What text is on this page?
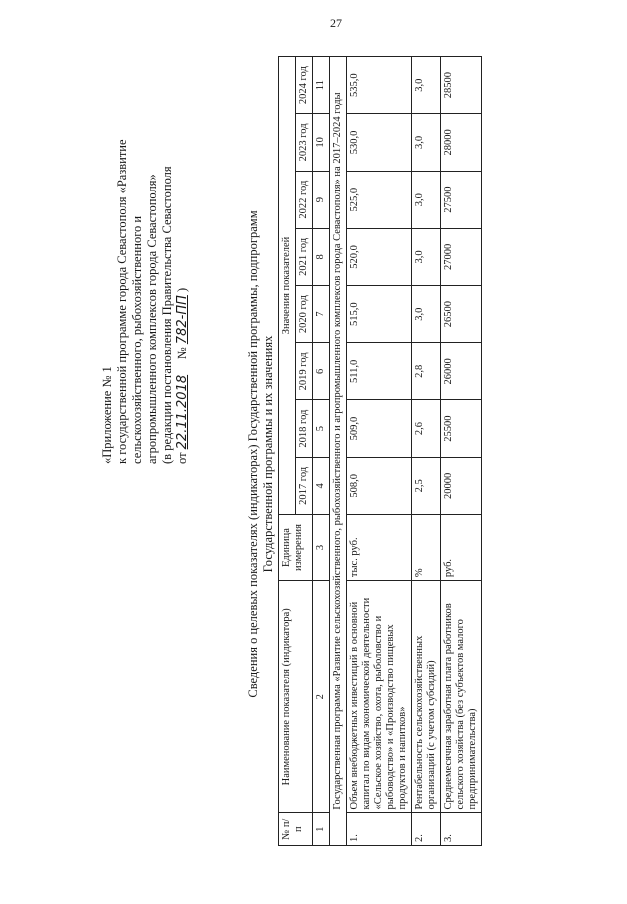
27
«Приложение № 1 к государственной программе города Севастополя «Развитие сельскохозяйственного, рыбохозяйственного и агропромышленного комплексов города Севастополя» (в редакции постановления Правительства Севастополя от 22.11.2018     № 782-ПП )	Сведения о целевых показателях (индикаторах) Государственной программы, подпрограмм Государственной программы и их значениях
№ п/п	Наименование показателя (индикатора)	Единица измерения	Значения показателей							
			2017 год	2018 год	2019 год	2020 год	2021 год	2022 год	2023 год	2024 год
1	2	3	4	5	6	7	8	9	10	11
Государственная программа «Развитие сельскохозяйственного, рыбохозяйственного и агропромышленного комплексов города Севастополя» на 2017–2024 годы										
1.	Объем внебюджетных инвестиций в основной капитал по видам экономической деятельности «Сельское хозяйство, охота, рыболовство и рыбоводство» и «Производство пищевых продуктов и напитков»	тыс. руб.	508,0	509,0	511,0	515,0	520,0	525,0	530,0	535,0
2.	Рентабельность сельскохозяйственных организаций (с учетом субсидий)	%	2,5	2,6	2,8	3,0	3,0	3,0	3,0	3,0
3.	Среднемесячная заработная плата работников сельского хозяйства (без субъектов малого предпринимательства)	руб.	20000	25500	26000	26500	27000	27500	28000	28500
